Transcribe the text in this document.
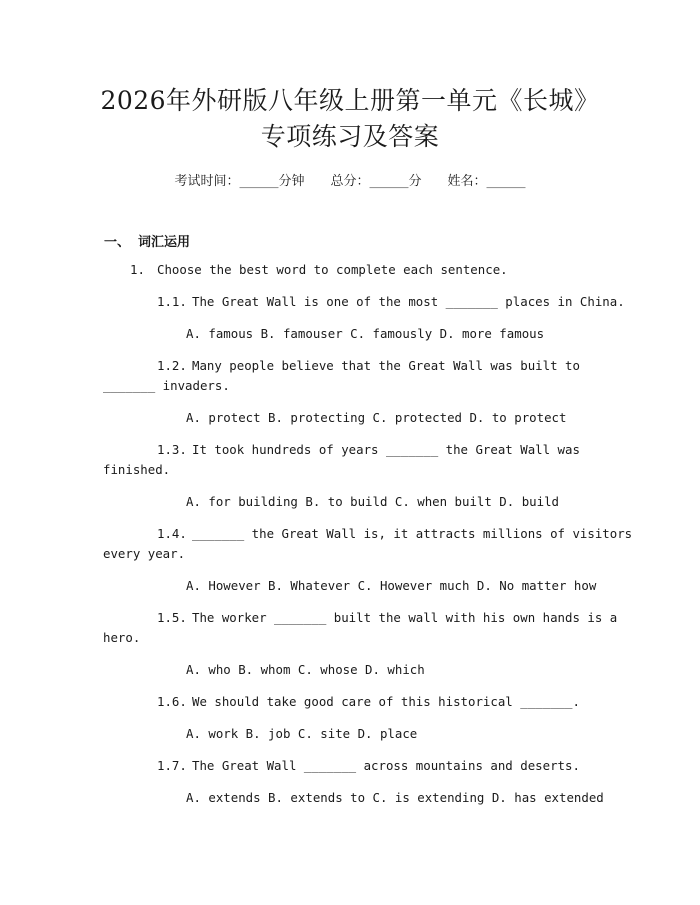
2026年外研版八年级上册第一单元《长城》
专项练习及答案
考试时间：______分钟 总分：______分 姓名：______
一、 词汇运用
1. Choose the best word to complete each sentence.
1.1. The Great Wall is one of the most _______ places in China.
A. famous B. famouser C. famously D. more famous
1.2. Many people believe that the Great Wall was built to
_______ invaders.
A. protect B. protecting C. protected D. to protect
1.3. It took hundreds of years _______ the Great Wall was
finished.
A. for building B. to build C. when built D. build
1.4. _______ the Great Wall is, it attracts millions of visitors
every year.
A. However B. Whatever C. However much D. No matter how
1.5. The worker _______ built the wall with his own hands is a
hero.
A. who B. whom C. whose D. which
1.6. We should take good care of this historical _______.
A. work B. job C. site D. place
1.7. The Great Wall _______ across mountains and deserts.
A. extends B. extends to C. is extending D. has extended
